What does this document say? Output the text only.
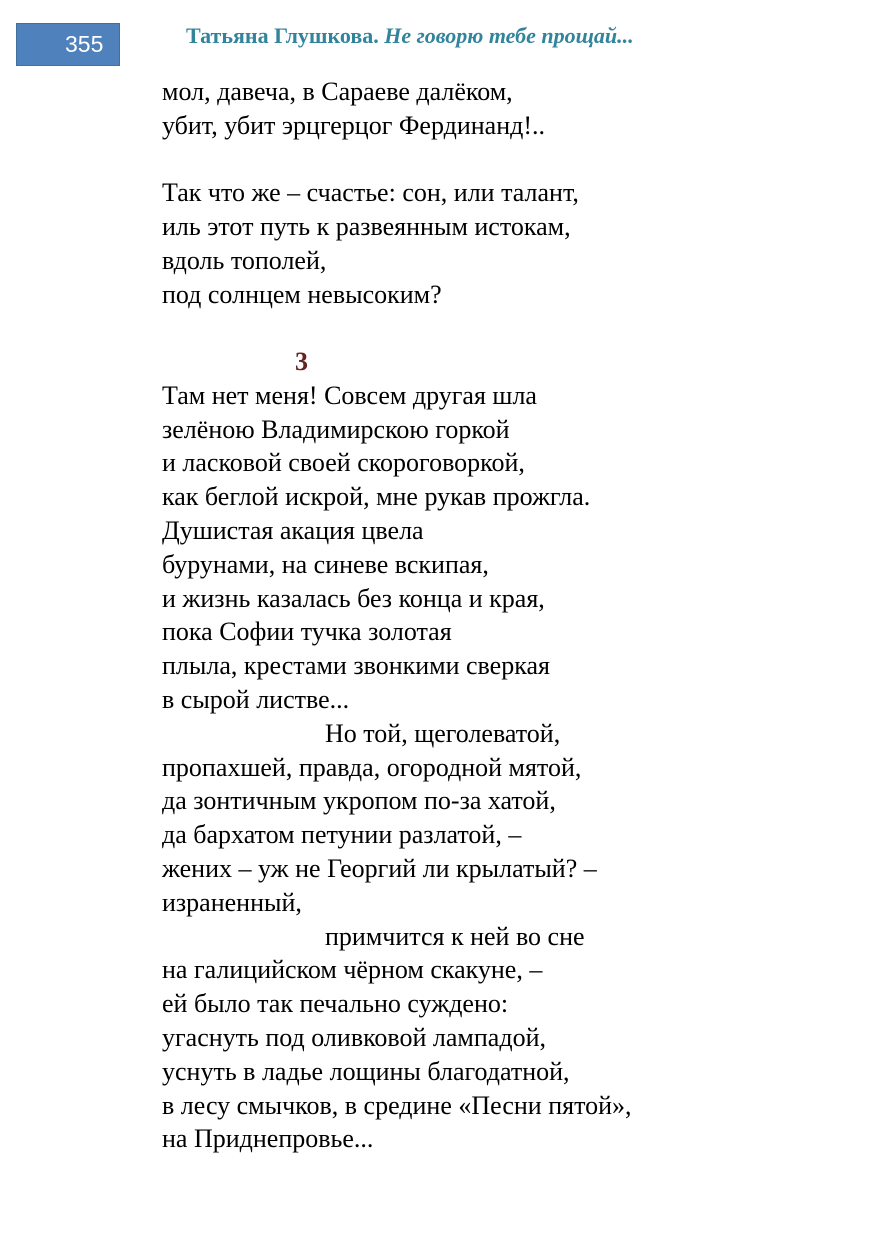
355	Татьяна Глушкова. Не говорю тебе прощай...
мол, давеча, в Сараеве далёком,
убит, убит эрцгерцог Фердинанд!..
Так что же – счастье: сон, или талант,
иль этот путь к развеянным истокам,
вдоль тополей,
под солнцем невысоким?
3
Там нет меня! Совсем другая шла
зелёною Владимирскою горкой
и ласковой своей скороговоркой,
как беглой искрой, мне рукав прожгла.
Душистая акация цвела
бурунами, на синеве вскипая,
и жизнь казалась без конца и края,
пока Софии тучка золотая
плыла, крестами звонкими сверкая
в сырой листве...
Но той, щеголеватой,
пропахшей, правда, огородной мятой,
да зонтичным укропом по-за хатой,
да бархатом петунии разлатой, –
жених – уж не Георгий ли крылатый? –
израненный,
примчится к ней во сне
на галицийском чёрном скакуне, –
ей было так печально суждено:
угаснуть под оливковой лампадой,
уснуть в ладье лощины благодатной,
в лесу смычков, в средине «Песни пятой»,
на Приднепровье...
